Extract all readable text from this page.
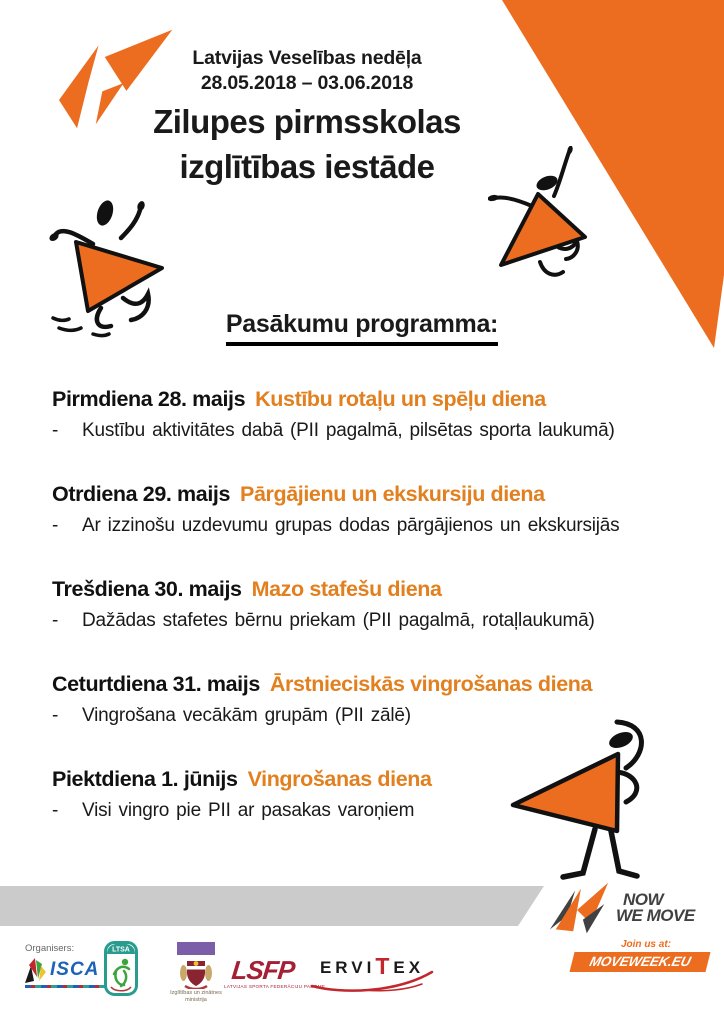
Latvijas Veselības nedēļa
28.05.2018 – 03.06.2018
Zilupes pirmsskolas izglītības iestāde
Pasākumu programma:
Pirmdiena 28. maijs Kustību rotaļu un spēļu diena
-	Kustību aktivitātes dabā (PII pagalmā, pilsētas sporta laukumā)
Otrdiena 29. maijs Pārgājienu un ekskursiju diena
-	Ar izzinošu uzdevumu grupas dodas pārgājienos un ekskursijās
Trešdiena 30. maijs Mazo stafešu diena
-	Dažādas stafetes bērnu priekam (PII pagalmā, rotaļlaukumā)
Ceturtdiena 31. maijs Ārstnieciskās vingrošanas diena
-	Vingrošana vecākām grupām (PII zālē)
Piektdiena 1. jūnijs Vingrošanas diena
-	Visi vingro pie PII ar pasakas varoņiem
NOW
WE MOVE
Join us at:
MOVEWEEK.EU
Organisers:
ISCA
LTSA
Izglītības un zinātnes
ministrija
LSFP
LATVIJAS SPORTA FEDERĀCIJU PADOME
ERVI T EX
